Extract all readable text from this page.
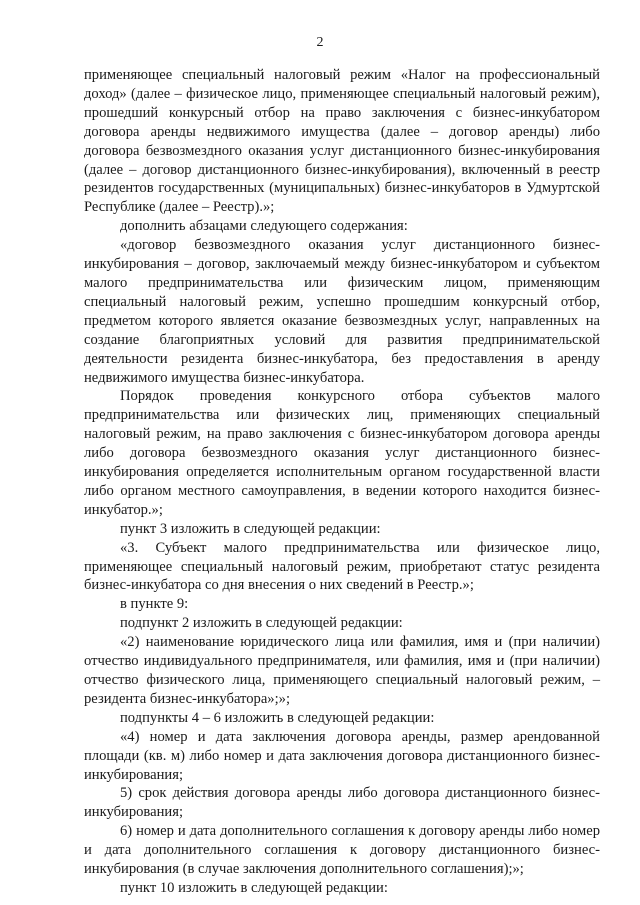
2

применяющее специальный налоговый режим «Налог на профессиональный доход» (далее – физическое лицо, применяющее специальный налоговый режим), прошедший конкурсный отбор на право заключения с бизнес-инкубатором договора аренды недвижимого имущества (далее – договор аренды) либо договора безвозмездного оказания услуг дистанционного бизнес-инкубирования (далее – договор дистанционного бизнес-инкубирования), включенный в реестр резидентов государственных (муниципальных) бизнес-инкубаторов в Удмуртской Республике (далее – Реестр).»;

дополнить абзацами следующего содержания:

«договор безвозмездного оказания услуг дистанционного бизнес-инкубирования – договор, заключаемый между бизнес-инкубатором и субъектом малого предпринимательства или физическим лицом, применяющим специальный налоговый режим, успешно прошедшим конкурсный отбор, предметом которого является оказание безвозмездных услуг, направленных на создание благоприятных условий для развития предпринимательской деятельности резидента бизнес-инкубатора, без предоставления в аренду недвижимого имущества бизнес-инкубатора.

Порядок проведения конкурсного отбора субъектов малого предпринимательства или физических лиц, применяющих специальный налоговый режим, на право заключения с бизнес-инкубатором договора аренды либо договора безвозмездного оказания услуг дистанционного бизнес-инкубирования определяется исполнительным органом государственной власти либо органом местного самоуправления, в ведении которого находится бизнес-инкубатор.»;

пункт 3 изложить в следующей редакции:

«3. Субъект малого предпринимательства или физическое лицо, применяющее специальный налоговый режим, приобретают статус резидента бизнес-инкубатора со дня внесения о них сведений в Реестр.»;

в пункте 9:

подпункт 2 изложить в следующей редакции:

«2) наименование юридического лица или фамилия, имя и (при наличии) отчество индивидуального предпринимателя, или фамилия, имя и (при наличии) отчество физического лица, применяющего специальный налоговый режим, – резидента бизнес-инкубатора»;»;

подпункты 4 – 6 изложить в следующей редакции:

«4) номер и дата заключения договора аренды, размер арендованной площади (кв. м) либо номер и дата заключения договора дистанционного бизнес-инкубирования;

5) срок действия договора аренды либо договора дистанционного бизнес-инкубирования;

6) номер и дата дополнительного соглашения к договору аренды либо номер и дата дополнительного соглашения к договору дистанционного бизнес-инкубирования (в случае заключения дополнительного соглашения);»;

пункт 10 изложить в следующей редакции:
